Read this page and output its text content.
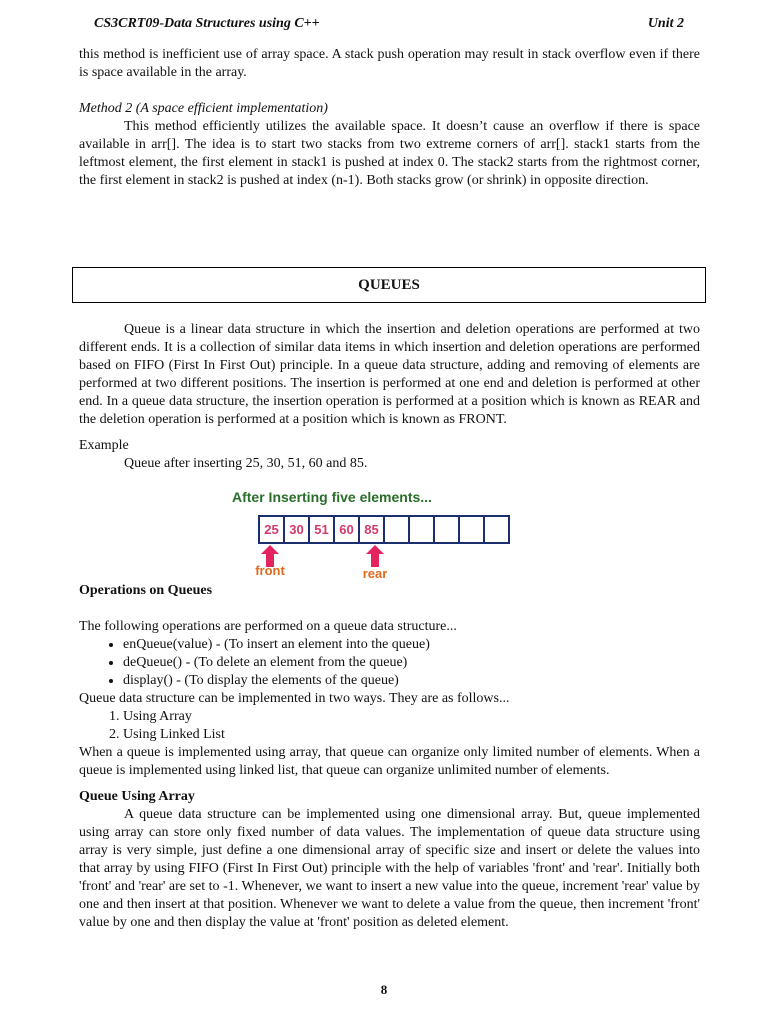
CS3CRT09-Data Structures using C++	Unit 2

this method is inefficient use of array space. A stack push operation may result in stack overflow even if there is space available in the array.

Method 2 (A space efficient implementation)

This method efficiently utilizes the available space. It doesn’t cause an overflow if there is space available in arr[]. The idea is to start two stacks from two extreme corners of arr[]. stack1 starts from the leftmost element, the first element in stack1 is pushed at index 0. The stack2 starts from the rightmost corner, the first element in stack2 is pushed at index (n-1). Both stacks grow (or shrink) in opposite direction.

QUEUES

Queue is a linear data structure in which the insertion and deletion operations are performed at two different ends. It is a collection of similar data items in which insertion and deletion operations are performed based on FIFO (First In First Out) principle. In a queue data structure, adding and removing of elements are performed at two different positions. The insertion is performed at one end and deletion is performed at other end. In a queue data structure, the insertion operation is performed at a position which is known as REAR and the deletion operation is performed at a position which is known as FRONT.

Example

Queue after inserting 25, 30, 51, 60 and 85.

After Inserting five elements...
25 30 51 60 85
front	rear

Operations on Queues

The following operations are performed on a queue data structure...

• enQueue(value) - (To insert an element into the queue)
• deQueue() - (To delete an element from the queue)
• display() - (To display the elements of the queue)

Queue data structure can be implemented in two ways. They are as follows...

1. Using Array
2. Using Linked List

When a queue is implemented using array, that queue can organize only limited number of elements. When a queue is implemented using linked list, that queue can organize unlimited number of elements.

Queue Using Array

A queue data structure can be implemented using one dimensional array. But, queue implemented using array can store only fixed number of data values. The implementation of queue data structure using array is very simple, just define a one dimensional array of specific size and insert or delete the values into that array by using FIFO (First In First Out) principle with the help of variables 'front' and 'rear'. Initially both 'front' and 'rear' are set to -1. Whenever, we want to insert a new value into the queue, increment 'rear' value by one and then insert at that position. Whenever we want to delete a value from the queue, then increment 'front' value by one and then display the value at 'front' position as deleted element.

8
